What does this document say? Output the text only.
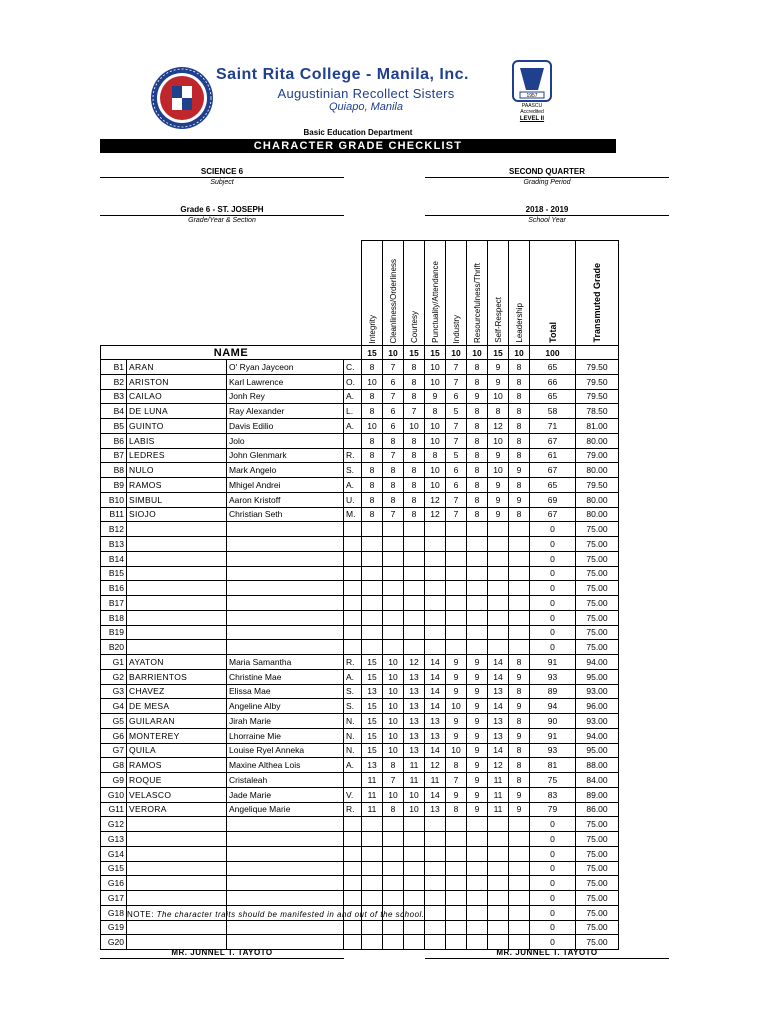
Saint Rita College - Manila, Inc.
Augustinian Recollect Sisters
Quiapo, Manila
1957
PAASCU
Accredited
LEVEL II
Basic Education Department
CHARACTER GRADE CHECKLIST
SCIENCE 6
Subject
SECOND QUARTER
Grading Period
Grade 6 - ST. JOSEPH
Grade/Year & Section
2018 - 2019
School Year

				Integrity	Cleanliness/Orderliness	Courtesy	Punctuality/Attendance	Industry	Resourcefulness/Thrift	Self-Respect	Leadership	Total	Transmuted Grade

NAME				15	10	15	15	10	10	15	10	100	
B1	ARAN	O' Ryan Jayceon	C.	8	7	8	10	7	8	9	8	65	79.50
B2	ARISTON	Karl Lawrence	O.	10	6	8	10	7	8	9	8	66	79.50
B3	CAILAO	Jonh Rey	A.	8	7	8	9	6	9	10	8	65	79.50
B4	DE LUNA	Ray Alexander	L.	8	6	7	8	5	8	8	8	58	78.50
B5	GUINTO	Davis Edilio	A.	10	6	10	10	7	8	12	8	71	81.00
B6	LABIS	Jolo		8	8	8	10	7	8	10	8	67	80.00
B7	LEDRES	John Glenmark	R.	8	7	8	8	5	8	9	8	61	79.00
B8	NULO	Mark Angelo	S.	8	8	8	10	6	8	10	9	67	80.00
B9	RAMOS	Mhigel Andrei	A.	8	8	8	10	6	8	9	8	65	79.50
B10	SIMBUL	Aaron Kristoff	U.	8	8	8	12	7	8	9	9	69	80.00
B11	SIOJO	Christian Seth	M.	8	7	8	12	7	8	9	8	67	80.00
B12												0	75.00
B13												0	75.00
B14												0	75.00
B15												0	75.00
B16												0	75.00
B17												0	75.00
B18												0	75.00
B19												0	75.00
B20												0	75.00
G1	AYATON	Maria Samantha	R.	15	10	12	14	9	9	14	8	91	94.00
G2	BARRIENTOS	Christine Mae	A.	15	10	13	14	9	9	14	9	93	95.00
G3	CHAVEZ	Elissa Mae	S.	13	10	13	14	9	9	13	8	89	93.00
G4	DE MESA	Angeline Alby	S.	15	10	13	14	10	9	14	9	94	96.00
G5	GUILARAN	Jirah Marie	N.	15	10	13	13	9	9	13	8	90	93.00
G6	MONTEREY	Lhorraine Mie	N.	15	10	13	13	9	9	13	9	91	94.00
G7	QUILA	Louise Ryel Anneka	N.	15	10	13	14	10	9	14	8	93	95.00
G8	RAMOS	Maxine Althea Lois	A.	13	8	11	12	8	9	12	8	81	88.00
G9	ROQUE	Cristaleah		11	7	11	11	7	9	11	8	75	84.00
G10	VELASCO	Jade Marie	V.	11	10	10	14	9	9	11	9	83	89.00
G11	VERORA	Angelique Marie	R.	11	8	10	13	8	9	11	9	79	86.00
G12												0	75.00
G13												0	75.00
G14												0	75.00
G15												0	75.00
G16												0	75.00
G17												0	75.00
G18												0	75.00
G19												0	75.00
G20												0	75.00
NOTE: The character traits should be manifested in and out of the school.
MR. JUNNEL T. TAYOTO	MR. JUNNEL T. TAYOTO
